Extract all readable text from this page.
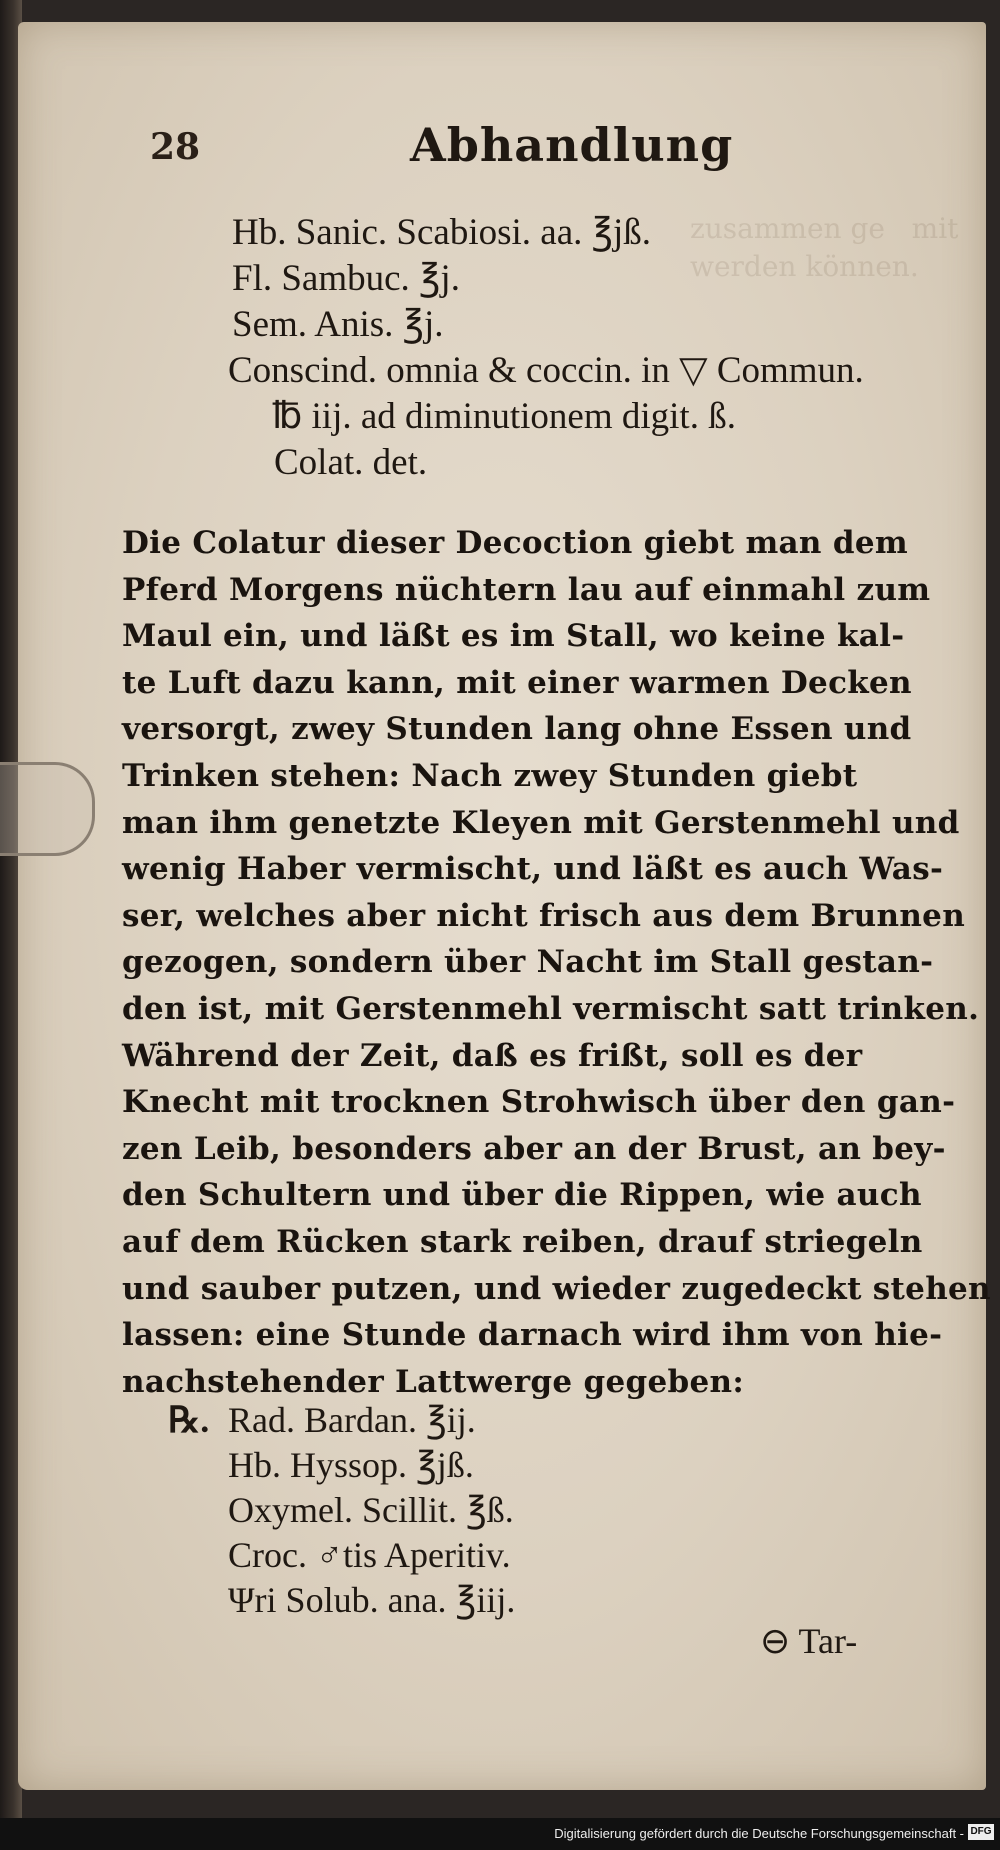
zusammen ge   mit
werden können.
28	Abhandlung
Hb. Sanic. Scabiosi. aa. ℥jß.
Fl. Sambuc. ℥j.
Sem. Anis. ℥j.
Conscind. omnia & coccin. in ▽ Commun.
℔ iij. ad diminutionem digit. ß.
Colat. det.
Die Colatur dieser Decoction giebt man dem
Pferd Morgens nüchtern lau auf einmahl zum
Maul ein, und läßt es im Stall, wo keine kal-
te Luft dazu kann, mit einer warmen Decken
versorgt, zwey Stunden lang ohne Essen und
Trinken stehen: Nach zwey Stunden giebt
man ihm genetzte Kleyen mit Gerstenmehl und
wenig Haber vermischt, und läßt es auch Was-
ser, welches aber nicht frisch aus dem Brunnen
gezogen, sondern über Nacht im Stall gestan-
den ist, mit Gerstenmehl vermischt satt trinken.
Während der Zeit, daß es frißt, soll es der
Knecht mit trocknen Strohwisch über den gan-
zen Leib, besonders aber an der Brust, an bey-
den Schultern und über die Rippen, wie auch
auf dem Rücken stark reiben, drauf striegeln
und sauber putzen, und wieder zugedeckt stehen
lassen: eine Stunde darnach wird ihm von hie-
nachstehender Lattwerge gegeben:
℞. Rad. Bardan. ℥ij.
Hb. Hyssop. ℥jß.
Oxymel. Scillit. ℥ß.
Croc. ♂tis Aperitiv.
Ψri Solub. ana. ℥iij.
⊖ Tar-
Digitalisierung gefördert durch die Deutsche Forschungsgemeinschaft - DFG
